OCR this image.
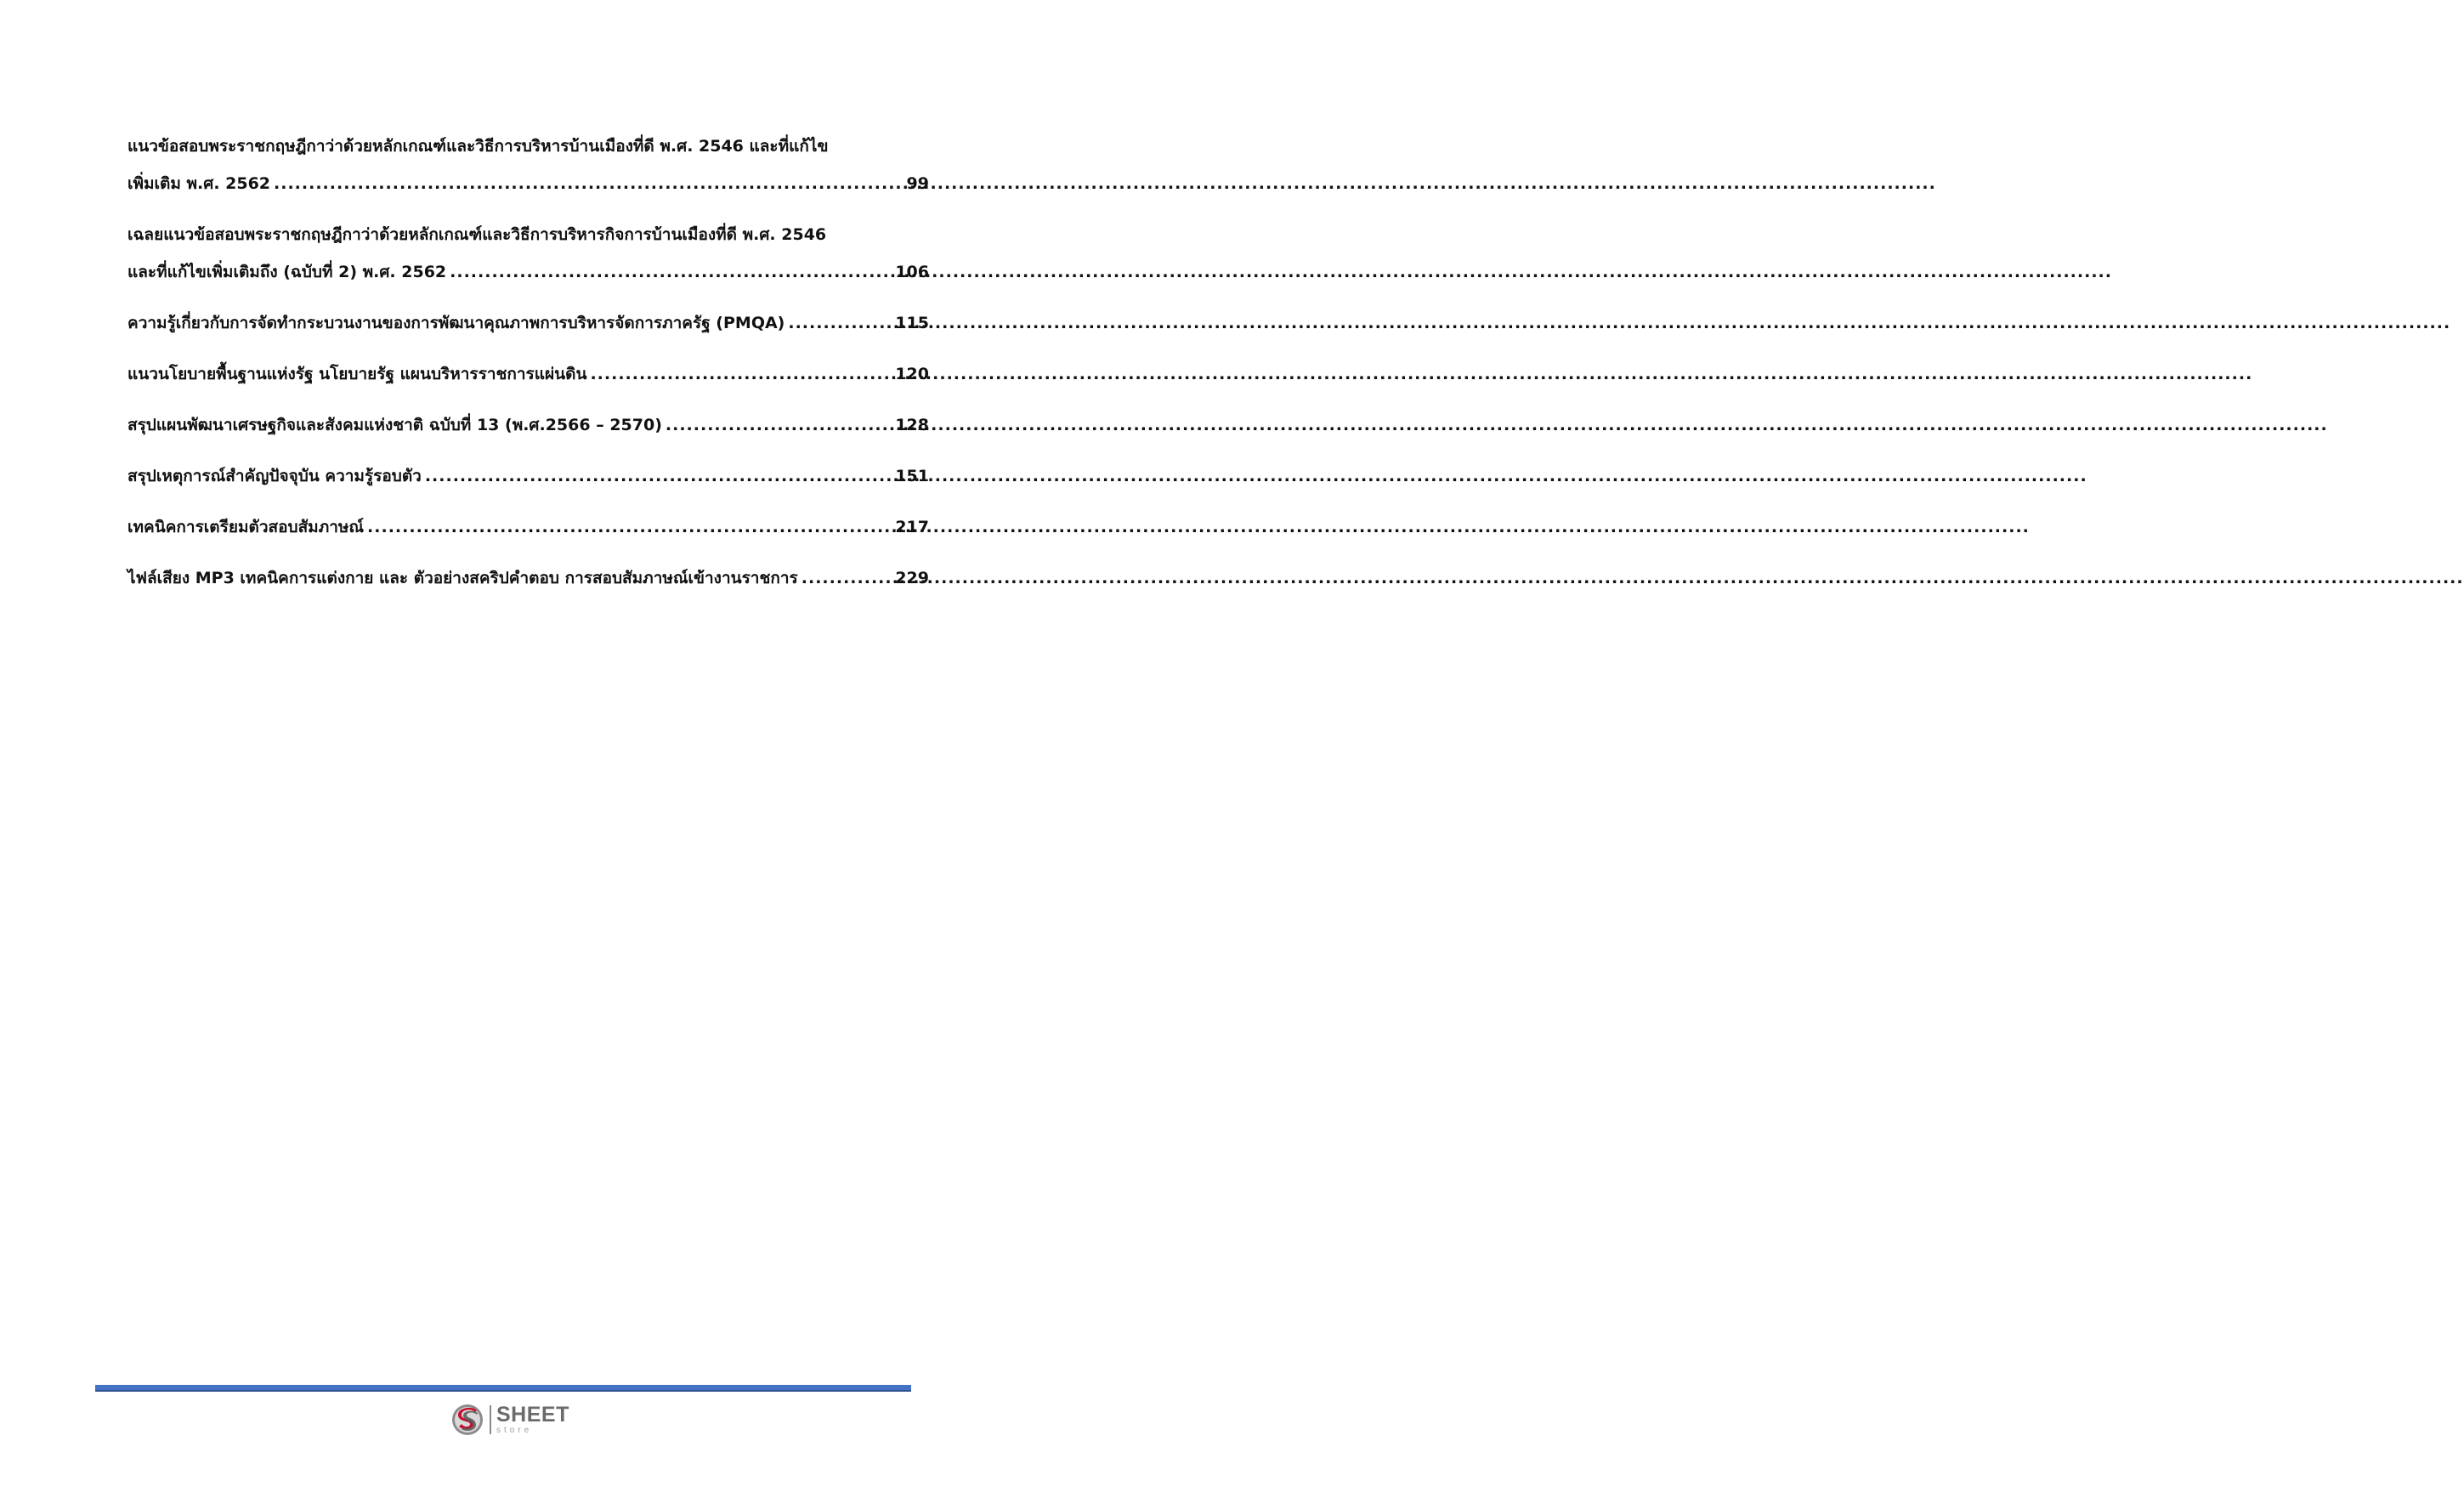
แนวข้อสอบพระราชกฤษฎีกาว่าด้วยหลักเกณฑ์และวิธีการบริหารบ้านเมืองที่ดี พ.ศ. 2546 และที่แก้ไข
เพิ่มเติม พ.ศ. 2562 .....	99
เฉลยแนวข้อสอบพระราชกฤษฎีกาว่าด้วยหลักเกณฑ์และวิธีการบริหารกิจการบ้านเมืองที่ดี พ.ศ. 2546
และที่แก้ไขเพิ่มเติมถึง (ฉบับที่ 2) พ.ศ. 2562 .....	106
ความรู้เกี่ยวกับการจัดทำกระบวนงานของการพัฒนาคุณภาพการบริหารจัดการภาครัฐ (PMQA) .....	115
แนวนโยบายพื้นฐานแห่งรัฐ นโยบายรัฐ แผนบริหารราชการแผ่นดิน .....	120
สรุปแผนพัฒนาเศรษฐกิจและสังคมแห่งชาติ ฉบับที่ 13 (พ.ศ.2566 – 2570) .....	128
สรุปเหตุการณ์สำคัญปัจจุบัน ความรู้รอบตัว .....	151
เทคนิคการเตรียมตัวสอบสัมภาษณ์ .....	217
ไฟล์เสียง MP3 เทคนิคการแต่งกาย และ ตัวอย่างสคริปคำตอบ การสอบสัมภาษณ์เข้างานราชการ .....	229
SHEET
store
